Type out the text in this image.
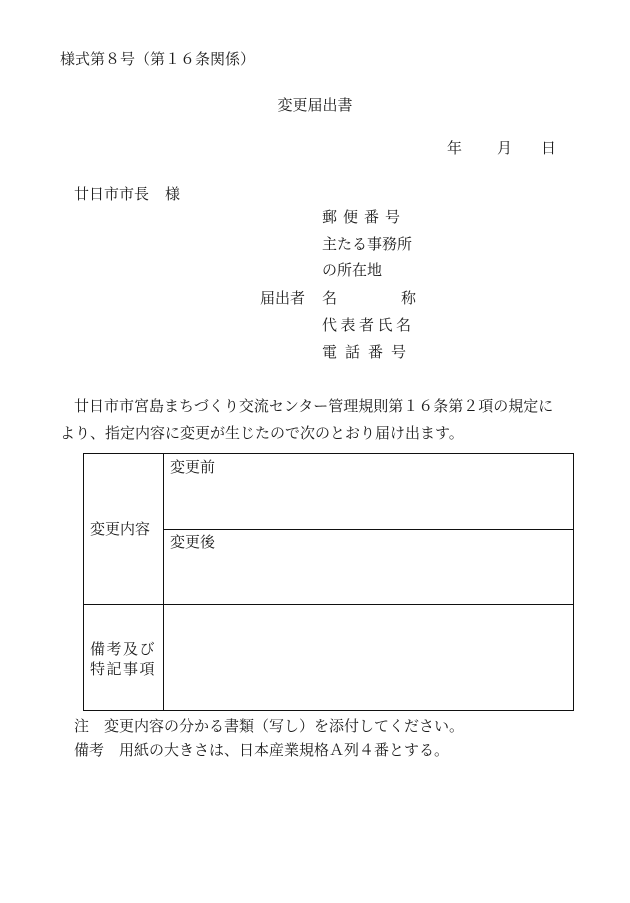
様式第８号（第１６条関係）
変更届出書
年 月 日
廿日市市長 様
郵便番号
主たる事務所
の所在地
届出者 名	称
代表者氏名
電話番号
廿日市市宮島まちづくり交流センター管理規則第１６条第２項の規定に
より、指定内容に変更が生じたので次のとおり届け出ます。
変更内容
変更前
変更後
備考及び
特記事項
注　変更内容の分かる書類（写し）を添付してください。
備考　用紙の大きさは、日本産業規格Ａ列４番とする。
